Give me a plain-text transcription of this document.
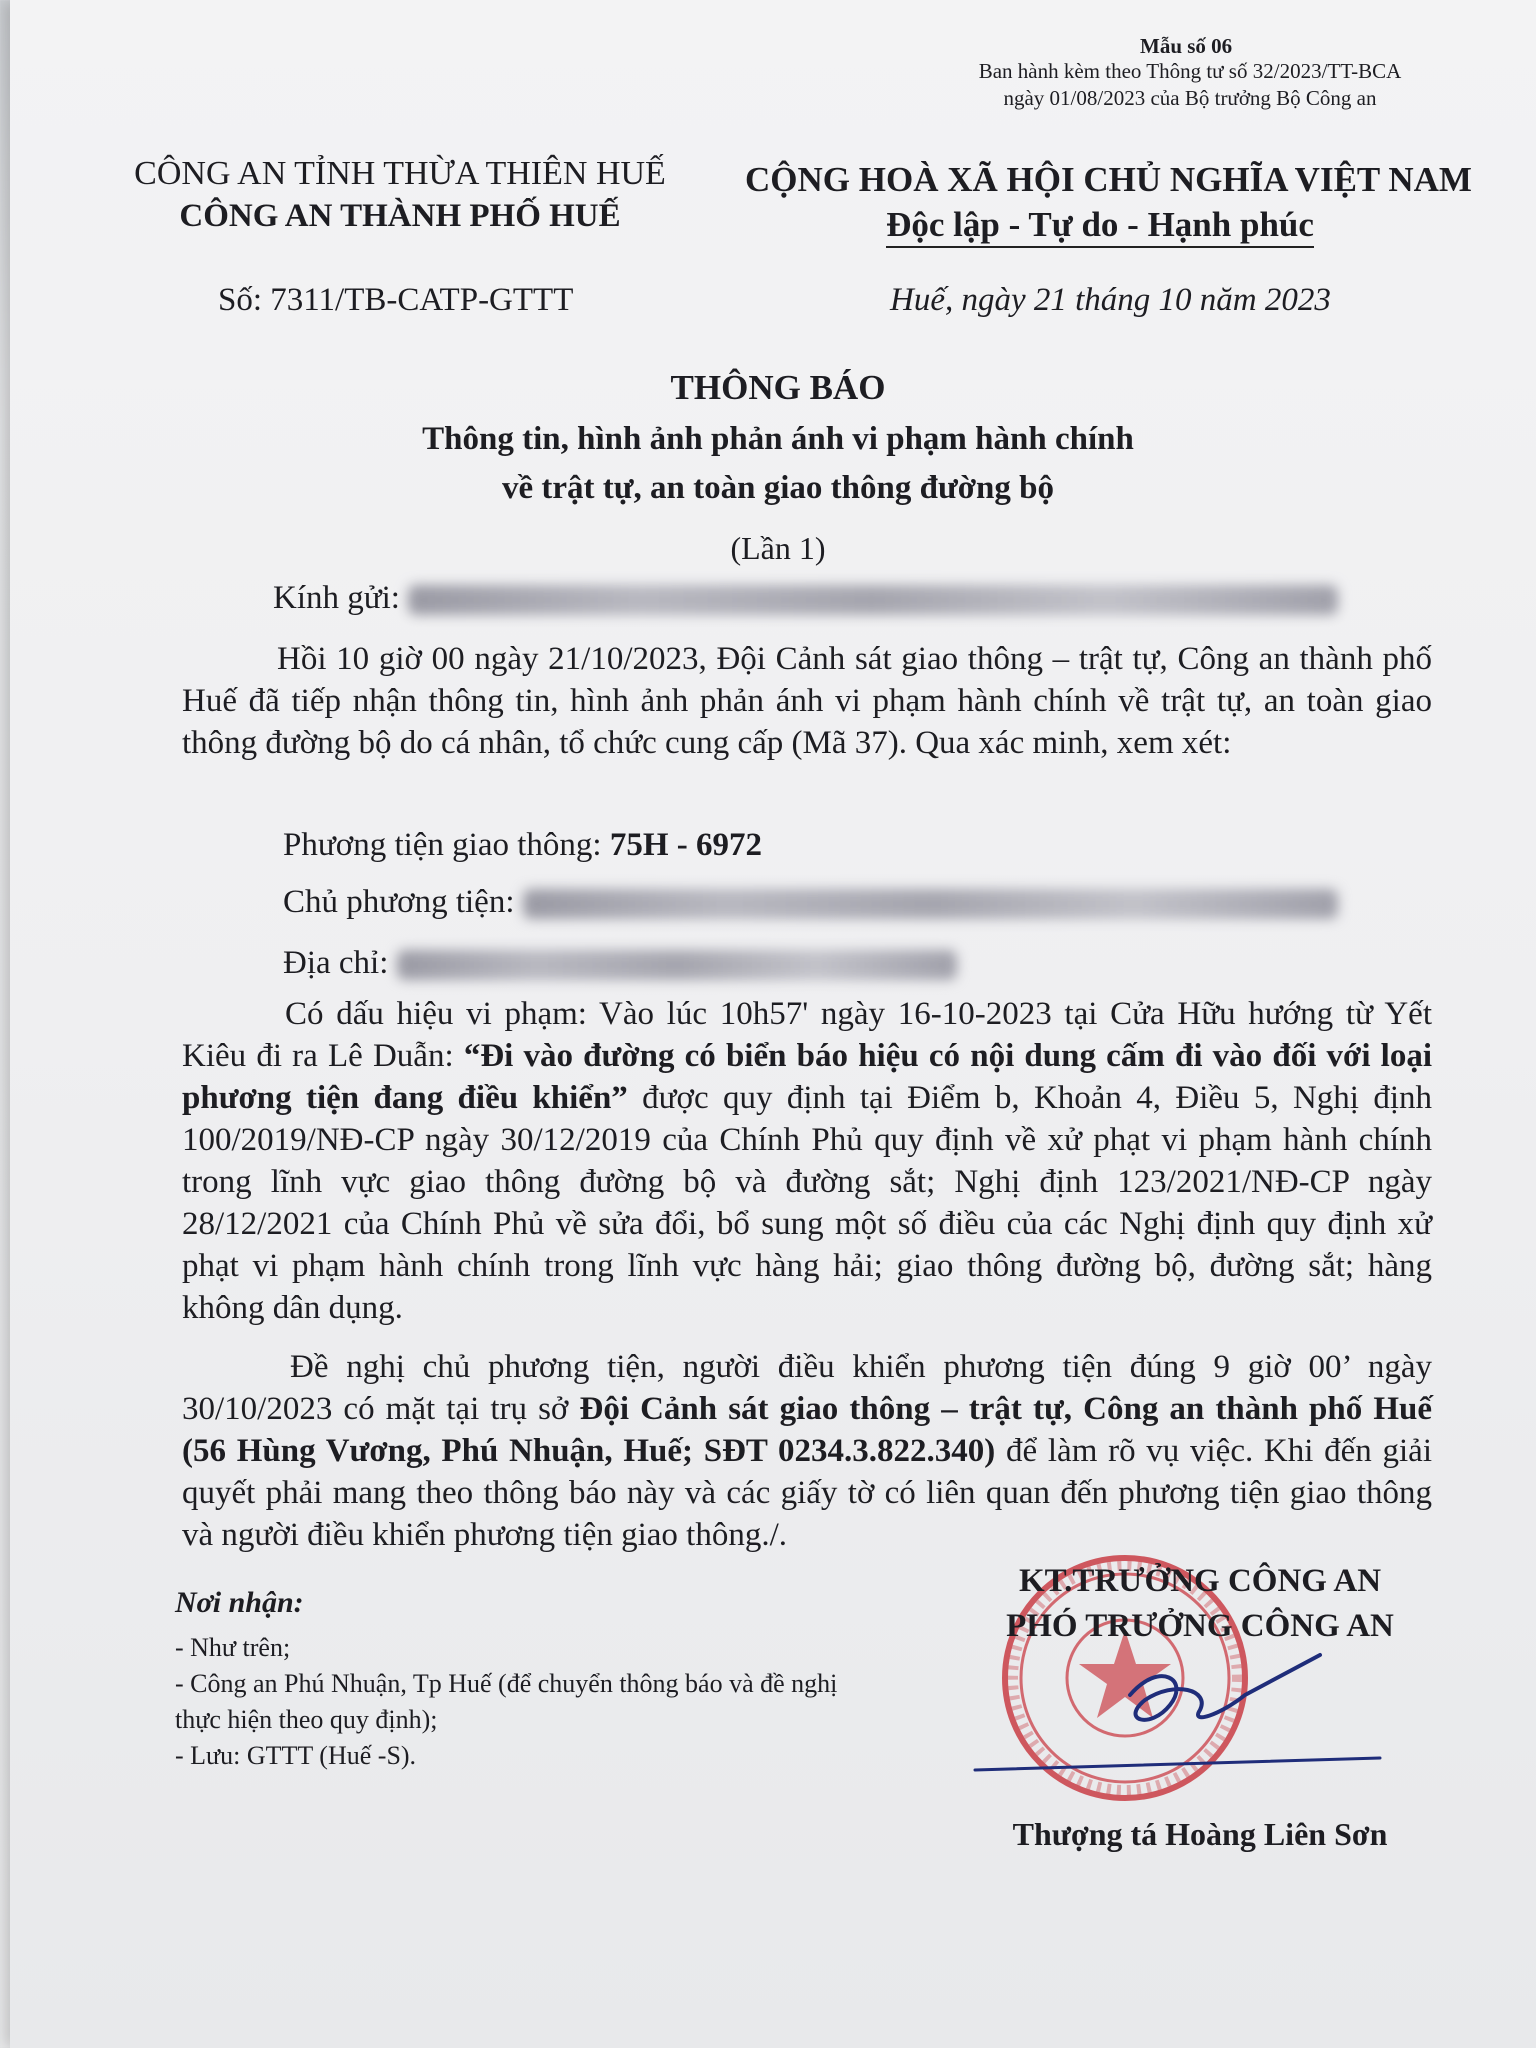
Mẫu số 06
Ban hành kèm theo Thông tư số 32/2023/TT-BCA
ngày 01/08/2023 của Bộ trưởng Bộ Công an
CÔNG AN TỈNH THỪA THIÊN HUẾ
CÔNG AN THÀNH PHỐ HUẾ
CỘNG HOÀ XÃ HỘI CHỦ NGHĨA VIỆT NAM
Độc lập - Tự do - Hạnh phúc
Số: 7311/TB-CATP-GTTT	Huế, ngày 21 tháng 10 năm 2023
THÔNG BÁO
Thông tin, hình ảnh phản ánh vi phạm hành chính
về trật tự, an toàn giao thông đường bộ
(Lần 1)
Kính gửi:
Hồi 10 giờ 00 ngày 21/10/2023, Đội Cảnh sát giao thông – trật tự, Công an thành phố Huế đã tiếp nhận thông tin, hình ảnh phản ánh vi phạm hành chính về trật tự, an toàn giao thông đường bộ do cá nhân, tổ chức cung cấp (Mã 37). Qua xác minh, xem xét:
Phương tiện giao thông: 75H - 6972
Chủ phương tiện:
Địa chỉ:
Có dấu hiệu vi phạm: Vào lúc 10h57' ngày 16-10-2023 tại Cửa Hữu hướng từ Yết Kiêu đi ra Lê Duẫn: “Đi vào đường có biển báo hiệu có nội dung cấm đi vào đối với loại phương tiện đang điều khiển” được quy định tại Điểm b, Khoản 4, Điều 5, Nghị định 100/2019/NĐ-CP ngày 30/12/2019 của Chính Phủ quy định về xử phạt vi phạm hành chính trong lĩnh vực giao thông đường bộ và đường sắt; Nghị định 123/2021/NĐ-CP ngày 28/12/2021 của Chính Phủ về sửa đổi, bổ sung một số điều của các Nghị định quy định xử phạt vi phạm hành chính trong lĩnh vực hàng hải; giao thông đường bộ, đường sắt; hàng không dân dụng.
Đề nghị chủ phương tiện, người điều khiển phương tiện đúng 9 giờ 00’ ngày 30/10/2023 có mặt tại trụ sở Đội Cảnh sát giao thông – trật tự, Công an thành phố Huế (56 Hùng Vương, Phú Nhuận, Huế; SĐT 0234.3.822.340) để làm rõ vụ việc. Khi đến giải quyết phải mang theo thông báo này và các giấy tờ có liên quan đến phương tiện giao thông và người điều khiển phương tiện giao thông./.
Nơi nhận:
- Như trên;
- Công an Phú Nhuận, Tp Huế (để chuyển thông báo và đề nghị thực hiện theo quy định);
- Lưu: GTTT (Huế -S).
KT.TRƯỞNG CÔNG AN
PHÓ TRƯỞNG CÔNG AN
Thượng tá Hoàng Liên Sơn
